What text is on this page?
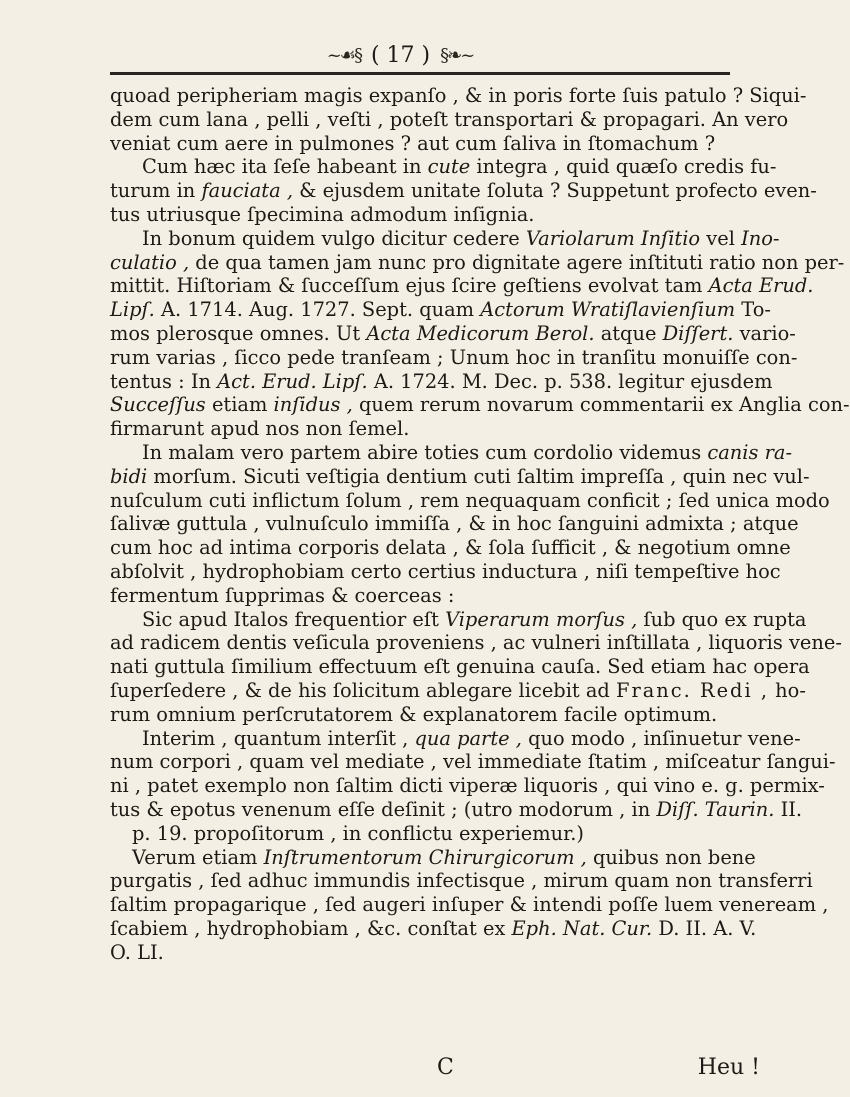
~☙§ ( 17 ) §❧~
quoad peripheriam magis expanſo , & in poris forte ſuis patulo ? Siqui-
dem cum lana , pelli , veſti , poteſt transportari & propagari. An vero
veniat cum aere in pulmones ? aut cum ſaliva in ſtomachum ?
Cum hæc ita ſeſe habeant in cute integra , quid quæſo credis fu-
turum in fauciata , & ejusdem unitate ſoluta ? Suppetunt profecto even-
tus utriusque ſpecimina admodum inſignia.
In bonum quidem vulgo dicitur cedere Variolarum Inſitio vel Ino-
culatio , de qua tamen jam nunc pro dignitate agere inſtituti ratio non per-
mittit. Hiſtoriam & ſucceſſum ejus ſcire geſtiens evolvat tam Acta Erud.
Lipſ. A. 1714. Aug. 1727. Sept. quam Actorum Wratiſlavienſium To-
mos plerosque omnes. Ut Acta Medicorum Berol. atque Diſſert. vario-
rum varias , ſicco pede tranſeam ; Unum hoc in tranſitu monuiſſe con-
tentus : In Act. Erud. Lipſ. A. 1724. M. Dec. p. 538. legitur ejusdem
Succeſſus etiam inſidus , quem rerum novarum commentarii ex Anglia con-
firmarunt apud nos non ſemel.
In malam vero partem abire toties cum cordolio videmus canis ra-
bidi morſum. Sicuti veſtigia dentium cuti ſaltim impreſſa , quin nec vul-
nuſculum cuti inflictum ſolum , rem nequaquam conficit ; ſed unica modo
ſalivæ guttula , vulnuſculo immiſſa , & in hoc ſanguini admixta ; atque
cum hoc ad intima corporis delata , & ſola ſufficit , & negotium omne
abſolvit , hydrophobiam certo certius inductura , niſi tempeſtive hoc
fermentum ſupprimas & coerceas :
Sic apud Italos frequentior eſt Viperarum morſus , ſub quo ex rupta
ad radicem dentis veſicula proveniens , ac vulneri inſtillata , liquoris vene-
nati guttula ſimilium effectuum eſt genuina cauſa. Sed etiam hac opera
ſuperſedere , & de his ſolicitum ablegare licebit ad Franc. Redi , ho-
rum omnium perſcrutatorem & explanatorem facile optimum.
Interim , quantum interſit , qua parte , quo modo , inſinuetur vene-
num corpori , quam vel mediate , vel immediate ſtatim , miſceatur ſangui-
ni , patet exemplo non ſaltim dicti viperæ liquoris , qui vino e. g. permix-
tus & epotus venenum eſſe deſinit ; (utro modorum , in Diſſ. Taurin. II.
p. 19. propoſitorum , in conflictu experiemur.)
Verum etiam Inſtrumentorum Chirurgicorum , quibus non bene
purgatis , ſed adhuc immundis infectisque , mirum quam non transferri
ſaltim propagarique , ſed augeri inſuper & intendi poſſe luem veneream ,
ſcabiem , hydrophobiam , &c. conſtat ex Eph. Nat. Cur. D. II. A. V.
O. LI.
C	Heu !
